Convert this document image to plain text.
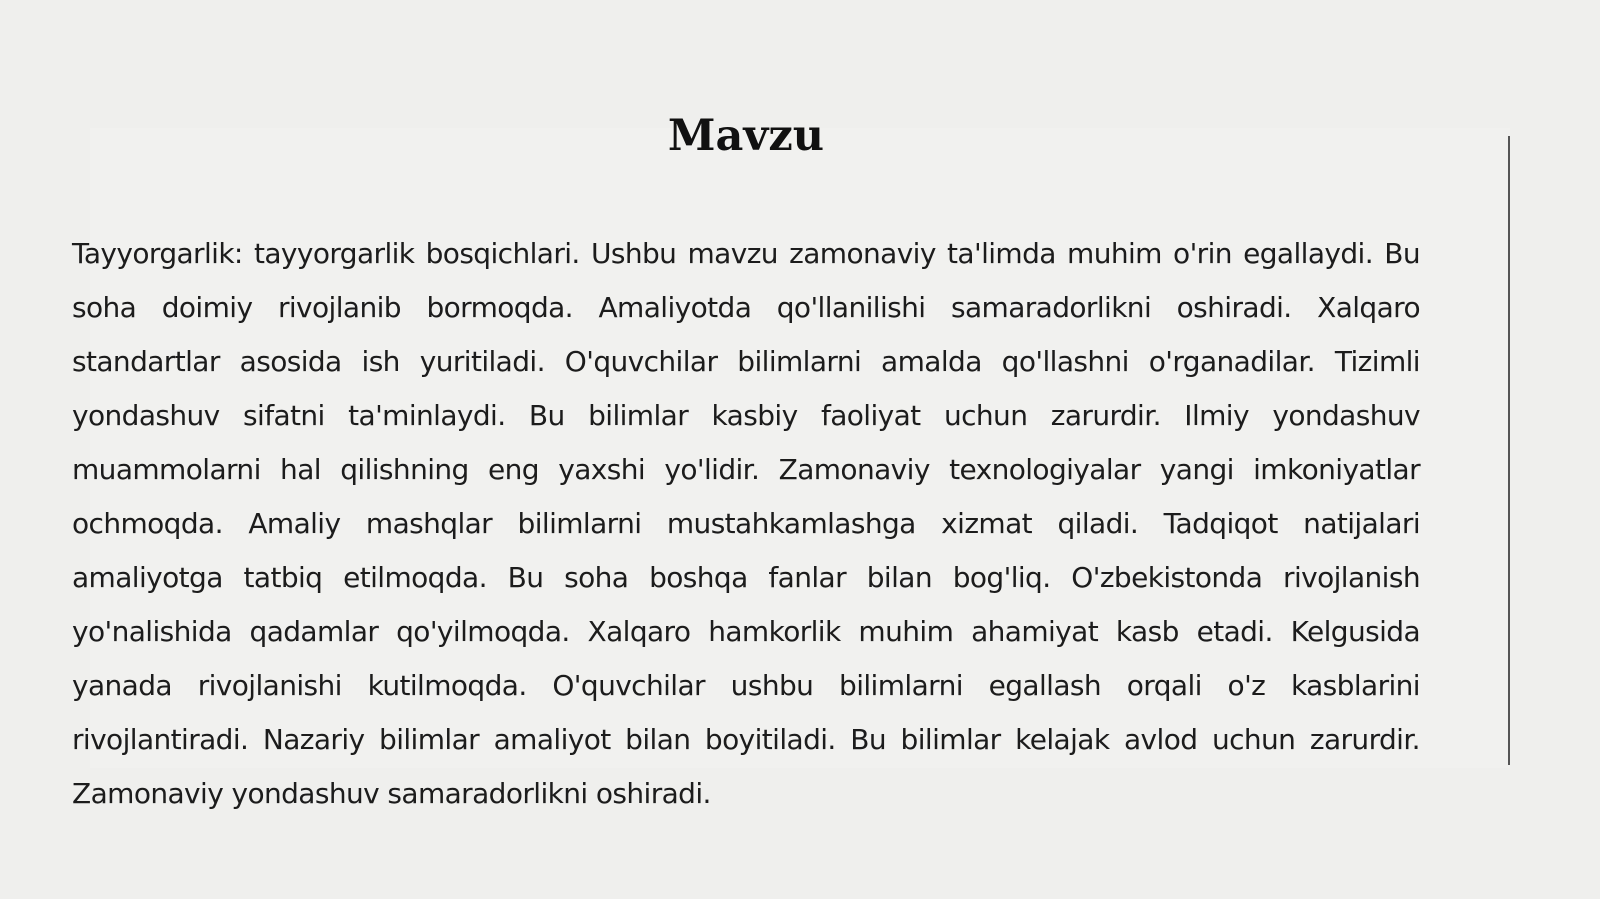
Mavzu

Tayyorgarlik: tayyorgarlik bosqichlari. Ushbu mavzu zamonaviy ta'limda muhim o'rin egallaydi. Bu soha doimiy rivojlanib bormoqda. Amaliyotda qo'llanilishi samaradorlikni oshiradi. Xalqaro standartlar asosida ish yuritiladi. O'quvchilar bilimlarni amalda qo'llashni o'rganadilar. Tizimli yondashuv sifatni ta'minlaydi. Bu bilimlar kasbiy faoliyat uchun zarurdir. Ilmiy yondashuv muammolarni hal qilishning eng yaxshi yo'lidir. Zamonaviy texnologiyalar yangi imkoniyatlar ochmoqda. Amaliy mashqlar bilimlarni mustahkamlashga xizmat qiladi. Tadqiqot natijalari amaliyotga tatbiq etilmoqda. Bu soha boshqa fanlar bilan bog'liq. O'zbekistonda rivojlanish yo'nalishida qadamlar qo'yilmoqda. Xalqaro hamkorlik muhim ahamiyat kasb etadi. Kelgusida yanada rivojlanishi kutilmoqda. O'quvchilar ushbu bilimlarni egallash orqali o'z kasblarini rivojlantiradi. Nazariy bilimlar amaliyot bilan boyitiladi. Bu bilimlar kelajak avlod uchun zarurdir. Zamonaviy yondashuv samaradorlikni oshiradi.
